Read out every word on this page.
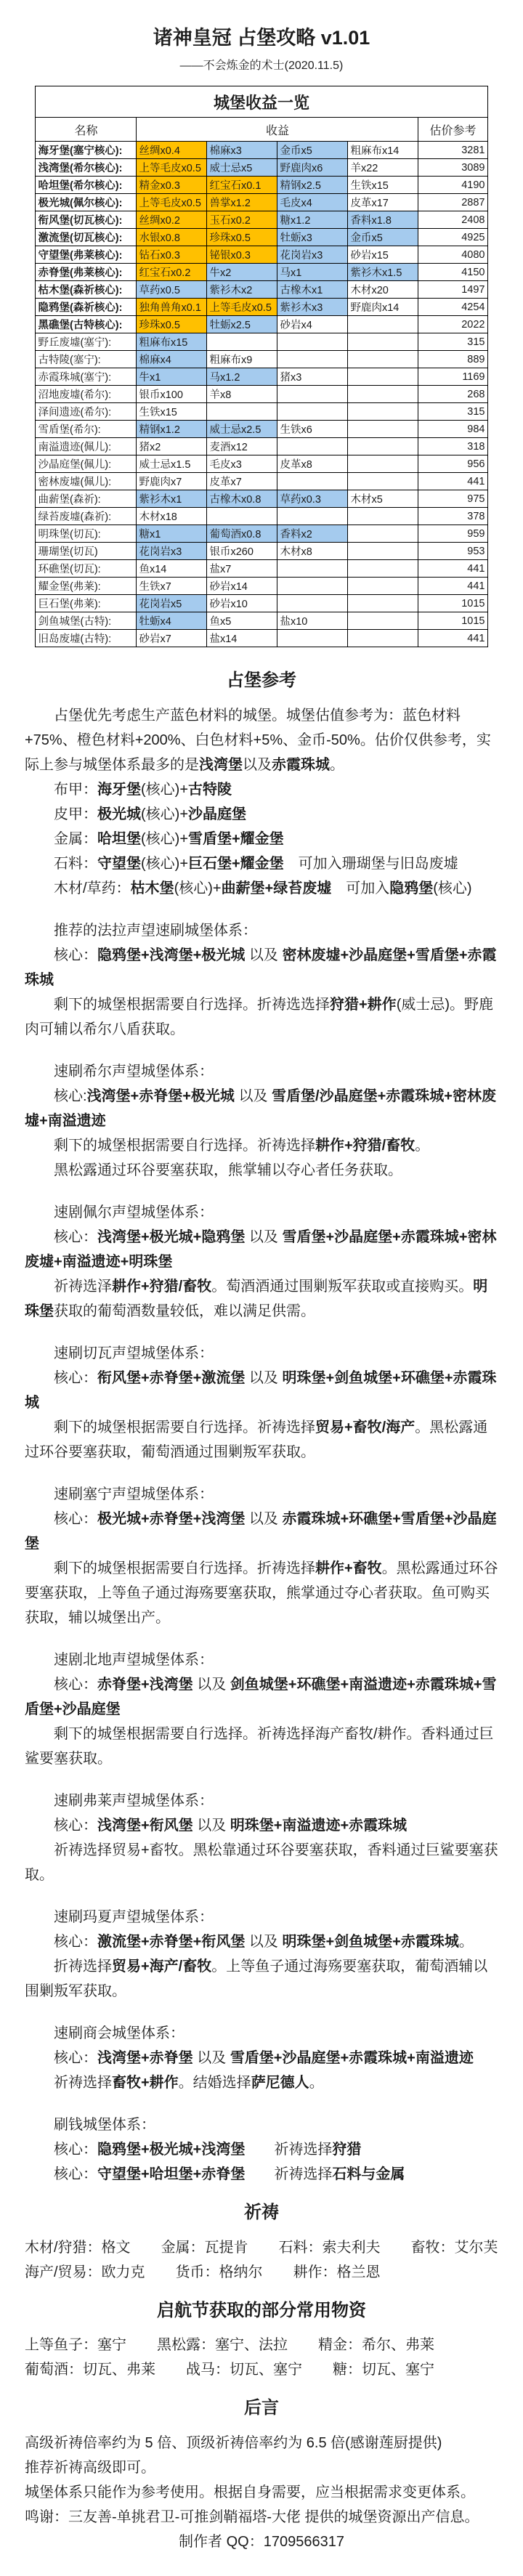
诸神皇冠 占堡攻略 v1.01
——不会炼金的术士(2020.11.5)
城堡收益一览					
名称	收益				估价参考
海牙堡(塞宁核心):	丝绸x0.4	棉麻x3	金币x5	粗麻布x14	3281
浅湾堡(希尔核心):	上等毛皮x0.5	威士忌x5	野鹿肉x6	羊x22	3089
哈坦堡(希尔核心):	精金x0.3	红宝石x0.1	精钢x2.5	生铁x15	4190
极光城(佩尔核心):	上等毛皮x0.5	兽掌x1.2	毛皮x4	皮革x17	2887
衔风堡(切瓦核心):	丝绸x0.2	玉石x0.2	糖x1.2	香料x1.8	2408
激流堡(切瓦核心):	水银x0.8	珍珠x0.5	牡蛎x3	金币x5	4925
守望堡(弗莱核心):	钻石x0.3	铋银x0.3	花岗岩x3	砂岩x15	4080
赤脊堡(弗莱核心):	红宝石x0.2	牛x2	马x1	紫衫木x1.5	4150
枯木堡(森祈核心):	草药x0.5	紫衫木x2	古橡木x1	木材x20	1497
隐鸦堡(森祈核心):	独角兽角x0.1	上等毛皮x0.5	紫衫木x3	野鹿肉x14	4254
黑礁堡(古特核心):	珍珠x0.5	牡蛎x2.5	砂岩x4		2022
野丘废墟(塞宁):	粗麻布x15				315
古特陵(塞宁):	棉麻x4	粗麻布x9			889
赤霞珠城(塞宁):	牛x1	马x1.2	猪x3		1169
沼地废墟(希尔):	银币x100	羊x8			268
泽间遗迹(希尔):	生铁x15				315
雪盾堡(希尔):	精钢x1.2	威士忌x2.5	生铁x6		984
南溢遗迹(佩儿):	猪x2	麦酒x12			318
沙晶庭堡(佩儿):	威士忌x1.5	毛皮x3	皮革x8		956
密林废墟(佩儿):	野鹿肉x7	皮革x7			441
曲薪堡(森祈):	紫衫木x1	古橡木x0.8	草药x0.3	木材x5	975
绿苔废墟(森祈):	木材x18				378
明珠堡(切瓦):	糖x1	葡萄酒x0.8	香料x2		959
珊瑚堡(切瓦)	花岗岩x3	银币x260	木材x8		953
环礁堡(切瓦):	鱼x14	盐x7			441
耀金堡(弗莱):	生铁x7	砂岩x14			441
巨石堡(弗莱):	花岗岩x5	砂岩x10			1015
剑鱼城堡(古特):	牡蛎x4	鱼x5	盐x10		1015
旧岛废墟(古特):	砂岩x7	盐x14			441
占堡参考
占堡优先考虑生产蓝色材料的城堡。城堡估值参考为：蓝色材料+75%、橙色材料+200%、白色材料+5%、金币-50%。估价仅供参考，实际上参与城堡体系最多的是浅湾堡以及赤霞珠城。
布甲：海牙堡(核心)+古特陵
皮甲：极光城(核心)+沙晶庭堡
金属：哈坦堡(核心)+雪盾堡+耀金堡
石料：守望堡(核心)+巨石堡+耀金堡　可加入珊瑚堡与旧岛废墟
木材/草药：枯木堡(核心)+曲薪堡+绿苔废墟　可加入隐鸦堡(核心)
推荐的法拉声望速刷城堡体系：
核心：隐鸦堡+浅湾堡+极光城 以及 密林废墟+沙晶庭堡+雪盾堡+赤霞珠城
剩下的城堡根据需要自行选择。折祷选选择狩猎+耕作(威士忌)。野鹿肉可辅以希尔八盾获取。
速刷希尔声望城堡体系：
核心:浅湾堡+赤脊堡+极光城 以及 雪盾堡/沙晶庭堡+赤霞珠城+密林废墟+南溢遗迹
剩下的城堡根据需要自行选择。祈祷选择耕作+狩猎/畜牧。
黑松露通过环谷要塞获取，熊掌辅以夺心者任务获取。
速剧佩尔声望城堡体系：
核心：浅湾堡+极光城+隐鸦堡 以及 雪盾堡+沙晶庭堡+赤霞珠城+密林废墟+南溢遗迹+明珠堡
祈祷选泽耕作+狩猎/畜牧。萄酒酒通过围剿叛军获取或直接购买。明珠堡获取的葡萄酒数量较低，难以满足供需。
速刷切瓦声望城堡体系：
核心：衔风堡+赤脊堡+激流堡 以及 明珠堡+剑鱼城堡+环礁堡+赤霞珠城
剩下的城堡根据需要自行选择。祈祷选择贸易+畜牧/海产。黑松露通过环谷要塞获取，葡萄酒通过围剿叛军获取。
速刷塞宁声望城堡体系：
核心：极光城+赤脊堡+浅湾堡 以及 赤霞珠城+环礁堡+雪盾堡+沙晶庭堡
剩下的城堡根据需要自行选择。折祷选择耕作+畜牧。黑松露通过环谷要塞获取，上等鱼子通过海殇要塞获取，熊掌通过夺心者获取。鱼可购买获取，辅以城堡出产。
速剧北地声望城堡体系：
核心：赤脊堡+浅湾堡 以及 剑鱼城堡+环礁堡+南溢遗迹+赤霞珠城+雪盾堡+沙晶庭堡
剩下的城堡根据需要自行选择。祈祷选择海产畜牧/耕作。香料通过巨鲨要塞获取。
速刷弗莱声望城堡体系：
核心：浅湾堡+衔风堡 以及 明珠堡+南溢遗迹+赤霞珠城
祈祷选择贸易+畜牧。黑松靠通过环谷要塞获取，香料通过巨鲨要塞获取。
速刷玛夏声望城堡体系：
核心：激流堡+赤脊堡+衔风堡 以及 明珠堡+剑鱼城堡+赤霞珠城。
折祷选择贸易+海产/畜牧。上等鱼子通过海殇要塞获取，葡萄酒辅以围剿叛军获取。
速刷商会城堡体系：
核心：浅湾堡+赤脊堡 以及 雪盾堡+沙晶庭堡+赤霞珠城+南溢遗迹
祈祷选择畜牧+耕作。结婚选择萨尼德人。
刷钱城堡体系：
核心：隐鸦堡+极光城+浅湾堡　　祈祷选择狩猎
核心：守望堡+哈坦堡+赤脊堡　　祈祷选择石料与金属
祈祷
木材/狩猎：格文 金属：瓦提肯 石料：索夫利夫 畜牧：艾尔芙
海产/贸易：欧力克 货币：格纳尔 耕作：格兰恩
启航节获取的部分常用物资
上等鱼子：塞宁 黑松露：塞宁、法拉 精金：希尔、弗莱
葡萄酒：切瓦、弗莱 战马：切瓦、塞宁 糖：切瓦、塞宁
后言
高级祈祷倍率约为 5 倍、顶级祈祷倍率约为 6.5 倍(感谢莲厨提供)
推荐祈祷高级即可。
城堡体系只能作为参考使用。根据自身需要，应当根据需求变更体系。
鸣谢：三友善-单挑君卫-可推剑鞘福塔-大佬 提供的城堡资源出产信息。
制作者 QQ：1709566317
